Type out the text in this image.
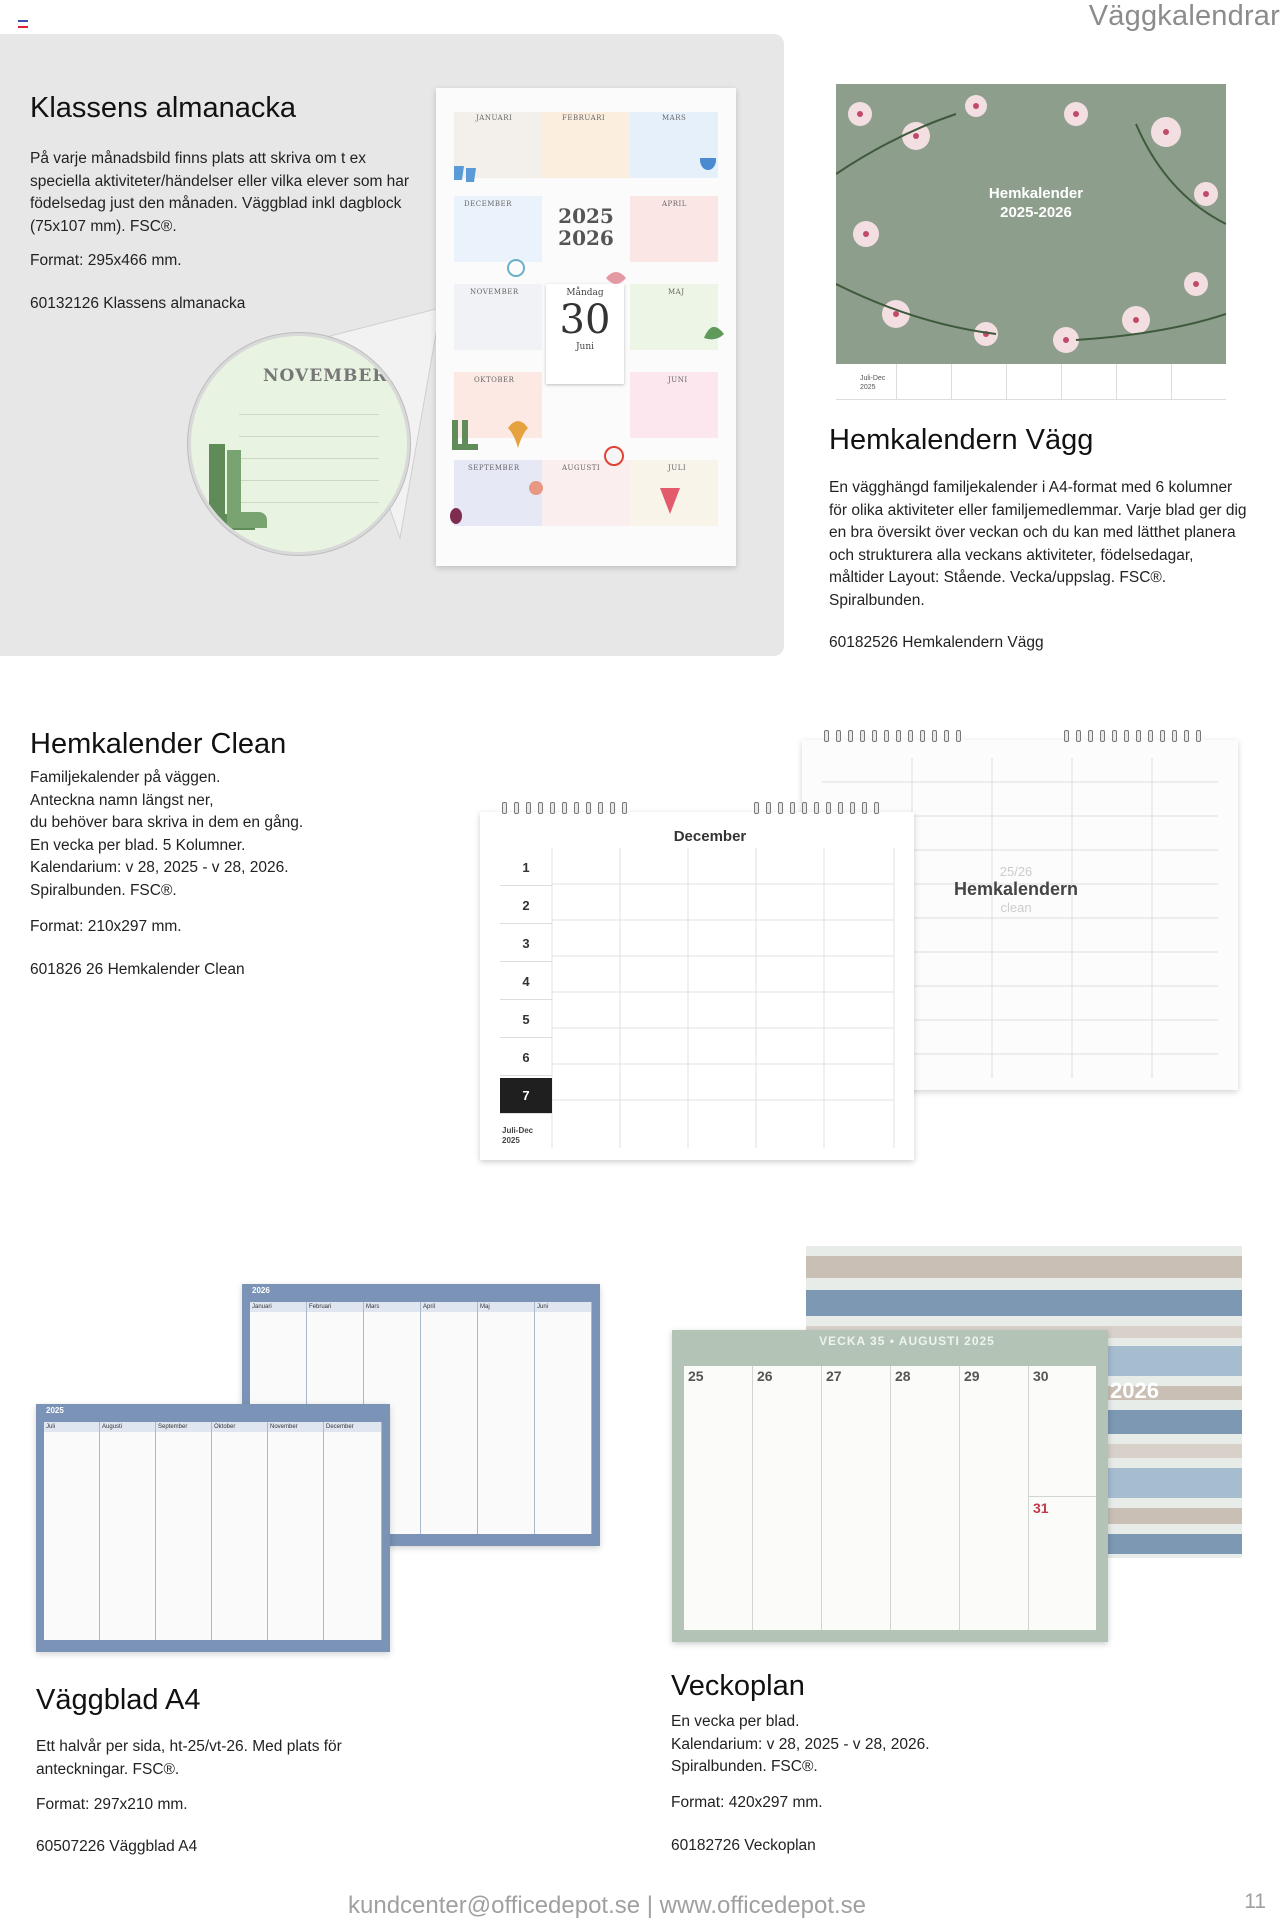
Väggkalendrar
Klassens almanacka

På varje månadsbild finns plats att skriva om t ex speciella aktiviteter/händelser eller vilka elever som har födelsedag just den månaden. Väggblad inkl dagblock (75x107 mm). FSC®.

Format: 295x466 mm.

60132126 Klassens almanacka

JANUARI	FEBRUARI	MARS
DECEMBER	APRIL
NOVEMBER	MAJ
OKTOBER	JUNI
SEPTEMBER	AUGUSTI	JULI
2025
2026
Måndag
30
Juni
NOVEMBER
Hemkalender
2025-2026
Juli-Dec
2025
Hemkalendern Vägg

En vägghängd familjekalender i A4-format med 6 kolumner för olika aktiviteter eller familjemedlemmar. Varje blad ger dig en bra översikt över veckan och du kan med lätthet planera och strukturera alla veckans aktiviteter, födelsedagar, måltider Layout: Stående. Vecka/uppslag. FSC®. Spiralbunden.

60182526 Hemkalendern Vägg

Hemkalender Clean
Familjekalender på väggen.
Anteckna namn längst ner,
du behöver bara skriva in dem en gång.
En vecka per blad. 5 Kolumner.
Kalendarium: v 28, 2025 - v 28, 2026.
Spiralbunden. FSC®.

Format: 210x297 mm.

601826 26 Hemkalender Clean

25/26
Hemkalendern
clean
December
1
2
3
4
5
6
7
Juli-Dec
2025
2026
Januari	Februari	Mars	April	Maj	Juni
2025
Juli	Augusti	September	Oktober	November	December
Väggblad A4

Ett halvår per sida, ht-25/vt-26. Med plats för anteckningar. FSC®.

Format: 297x210 mm.

60507226 Väggblad A4

2026
VECKA 35 • AUGUSTI 2025
25	26	27	28	29	30
31
Veckoplan
En vecka per blad.
Kalendarium: v 28, 2025 - v 28, 2026.
Spiralbunden. FSC®.

Format: 420x297 mm.

60182726 Veckoplan

kundcenter@officedepot.se | www.officedepot.se	11
